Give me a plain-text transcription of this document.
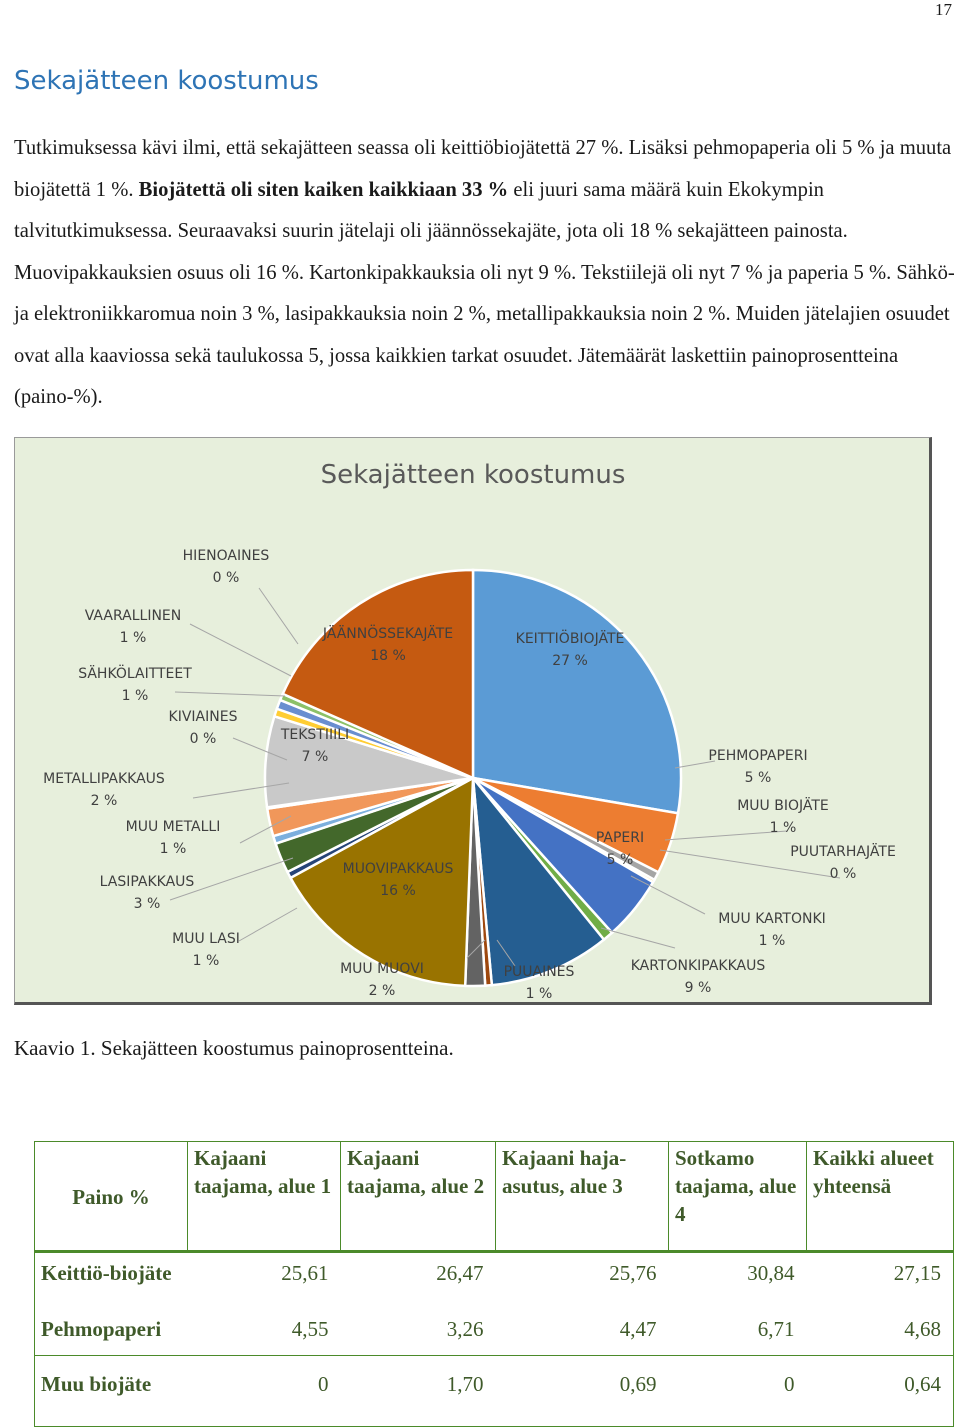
17
Sekajätteen koostumus

Tutkimuksessa kävi ilmi, että sekajätteen seassa oli keittiöbiojätettä 27 %. Lisäksi pehmopaperia oli 5 % ja muuta biojätettä 1 %. Biojätettä oli siten kaiken kaikkiaan 33 % eli juuri sama määrä kuin Ekokympin talvitutkimuksessa. Seuraavaksi suurin jätelaji oli jäännössekajäte, jota oli 18 % sekajätteen painosta. Muovipakkauksien osuus oli 16 %. Kartonkipakkauksia oli nyt 9 %. Tekstiilejä oli nyt 7 % ja paperia 5 %. Sähkö- ja elektroniikkaromua noin 3 %, lasipakkauksia noin 2 %, metallipakkauksia noin 2 %. Muiden jätelajien osuudet ovat alla kaaviossa sekä taulukossa 5, jossa kaikkien tarkat osuudet. Jätemäärät laskettiin painoprosentteina (paino-%).

Sekajätteen koostumus
KEITTIÖBIOJÄTE 27 %
PEHMOPAPERI 5 %
MUU BIOJÄTE 1 %
PUUTARHAJÄTE 0 %
PAPERI 5 %
MUU KARTONKI 1 %
KARTONKIPAKKAUS 9 %
PUUAINES 1 %
MUU MUOVI 2 %
MUOVIPAKKAUS 16 %
MUU LASI 1 %
LASIPAKKAUS 3 %
MUU METALLI 1 %
METALLIPAKKAUS 2 %
KIVIAINES 0 %	TEKSTIIILI 7 %
SÄHKÖLAITTEET 1 %
VAARALLINEN 1 %
HIENOAINES 0 %
JÄÄNNÖSSEKAJÄTE 18 %
Kaavio 1. Sekajätteen koostumus painoprosentteina.
Paino %	Kajaani taajama, alue 1	Kajaani taajama, alue 2	Kajaani haja-asutus, alue 3	Sotkamo taajama, alue 4	Kaikki alueet yhteensä
Keittiö-biojäte	25,61	26,47	25,76	30,84	27,15
Pehmopaperi	4,55	3,26	4,47	6,71	4,68
Muu biojäte	0	1,70	0,69	0	0,64
